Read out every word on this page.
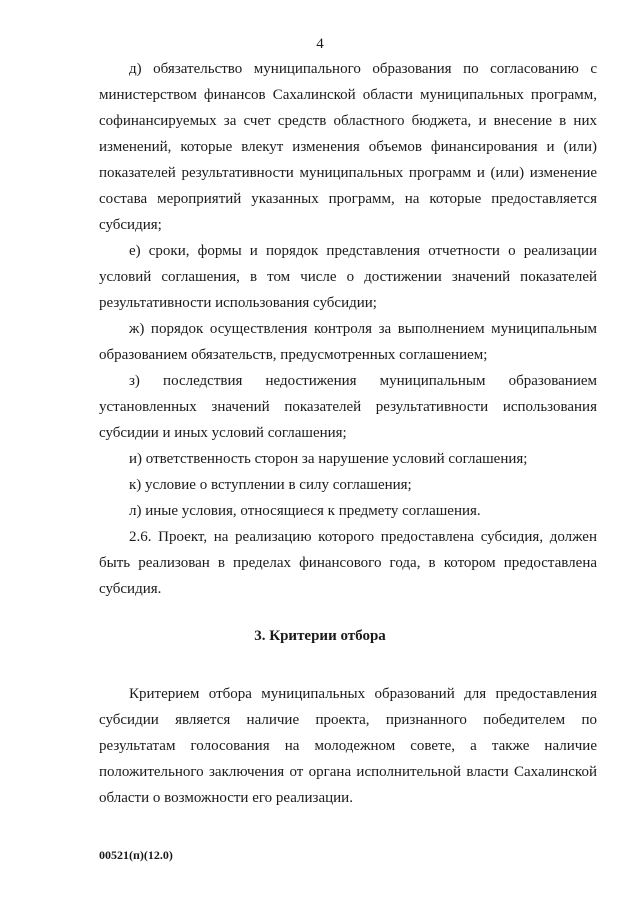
4
д) обязательство муниципального образования по согласованию с
министерством финансов Сахалинской области муниципальных программ,
софинансируемых за счет средств областного бюджета, и внесение в них
изменений, которые влекут изменения объемов финансирования и (или)
показателей результативности муниципальных программ и (или) изменение
состава мероприятий указанных программ, на которые предоставляется
субсидия;
е) сроки, формы и порядок представления отчетности о реализации
условий соглашения, в том числе о достижении значений показателей
результативности использования субсидии;
ж) порядок осуществления контроля за выполнением муниципальным
образованием обязательств, предусмотренных соглашением;
з) последствия недостижения муниципальным образованием
установленных значений показателей результативности использования
субсидии и иных условий соглашения;
и) ответственность сторон за нарушение условий соглашения;
к) условие о вступлении в силу соглашения;
л) иные условия, относящиеся к предмету соглашения.
2.6. Проект, на реализацию которого предоставлена субсидия, должен
быть реализован в пределах финансового года, в котором предоставлена
субсидия.
3. Критерии отбора
Критерием отбора муниципальных образований для предоставления
субсидии является наличие проекта, признанного победителем по
результатам голосования на молодежном совете, а также наличие
положительного заключения от органа исполнительной власти Сахалинской
области о возможности его реализации.
00521(п)(12.0)
